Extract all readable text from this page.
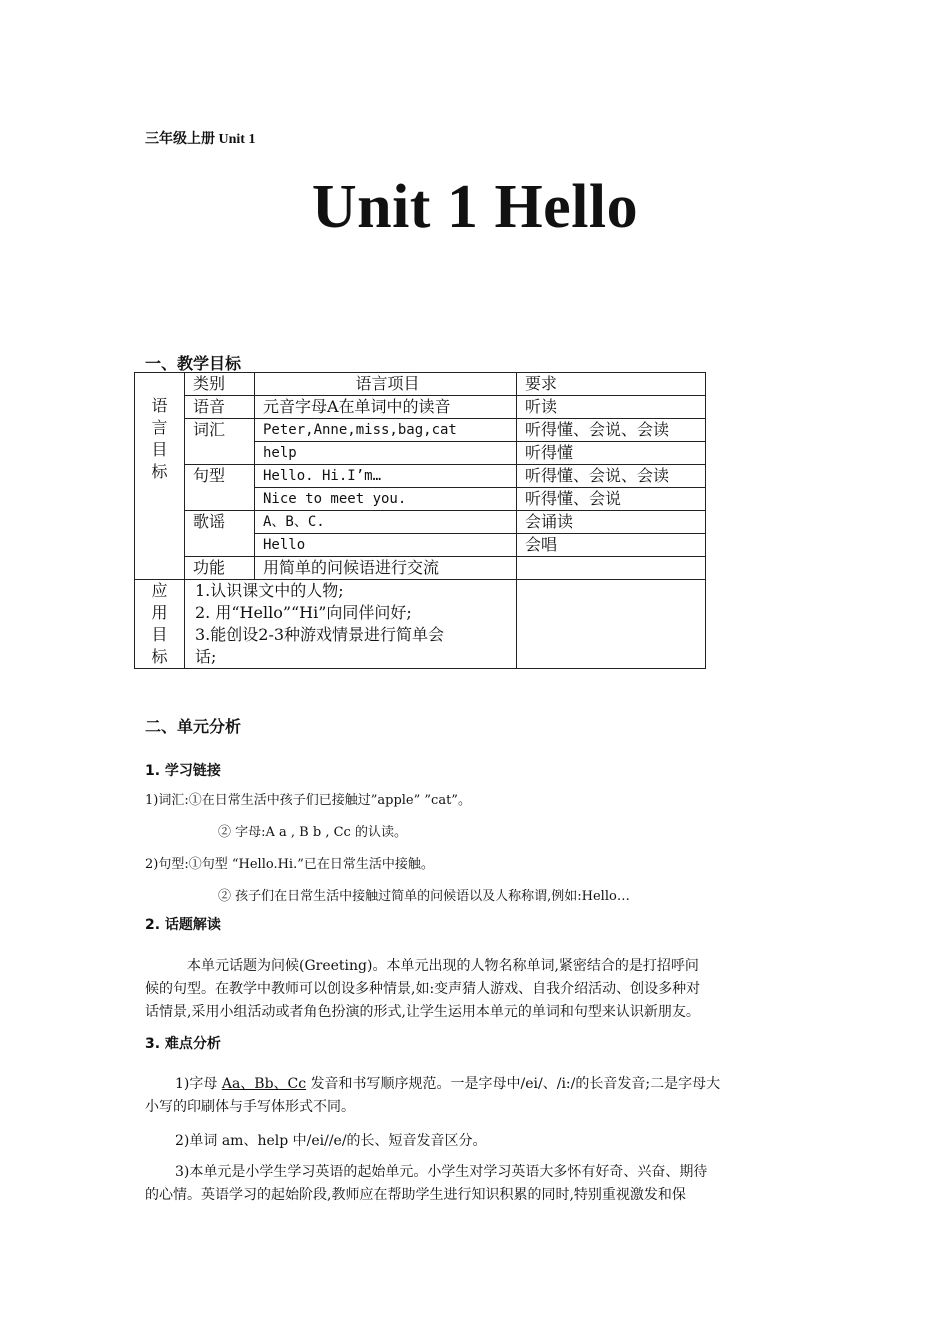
三年级上册 Unit 1
Unit 1 Hello
一、教学目标
语
言
目
标	类别	语言项目	要求
	语音	元音字母A在单词中的读音	听读
	词汇	Peter,Anne,miss,bag,cat	听得懂、会说、会读
		help	听得懂
	句型	Hello. Hi.I’m…	听得懂、会说、会读
		Nice to meet you.	听得懂、会说
	歌谣	A、B、C.	会诵读
		Hello	会唱
	功能	用简单的问候语进行交流	

应
用
目
标	1.认识课文中的人物;
2. 用“Hello”“Hi”向同伴问好;
3.能创设2-3种游戏情景进行简单会
话;		

二、单元分析
1. 学习链接
1)词汇:①在日常生活中孩子们已接触过”apple” ”cat”。
② 字母:A a , B b , Cc 的认读。
2)句型:①句型 “Hello.Hi.”已在日常生活中接触。
② 孩子们在日常生活中接触过简单的问候语以及人称称谓,例如:Hello…
2. 话题解读
本单元话题为问候(Greeting)。本单元出现的人物名称单词,紧密结合的是打招呼问
候的句型。在教学中教师可以创设多种情景,如:变声猜人游戏、自我介绍活动、创设多种对
话情景,采用小组活动或者角色扮演的形式,让学生运用本单元的单词和句型来认识新朋友。
3. 难点分析
1)字母 Aa、Bb、Cc 发音和书写顺序规范。一是字母中/ei/、/i:/的长音发音;二是字母大
小写的印刷体与手写体形式不同。
2)单词 am、help 中/ei//e/的长、短音发音区分。
3)本单元是小学生学习英语的起始单元。小学生对学习英语大多怀有好奇、兴奋、期待
的心情。英语学习的起始阶段,教师应在帮助学生进行知识积累的同时,特别重视激发和保
